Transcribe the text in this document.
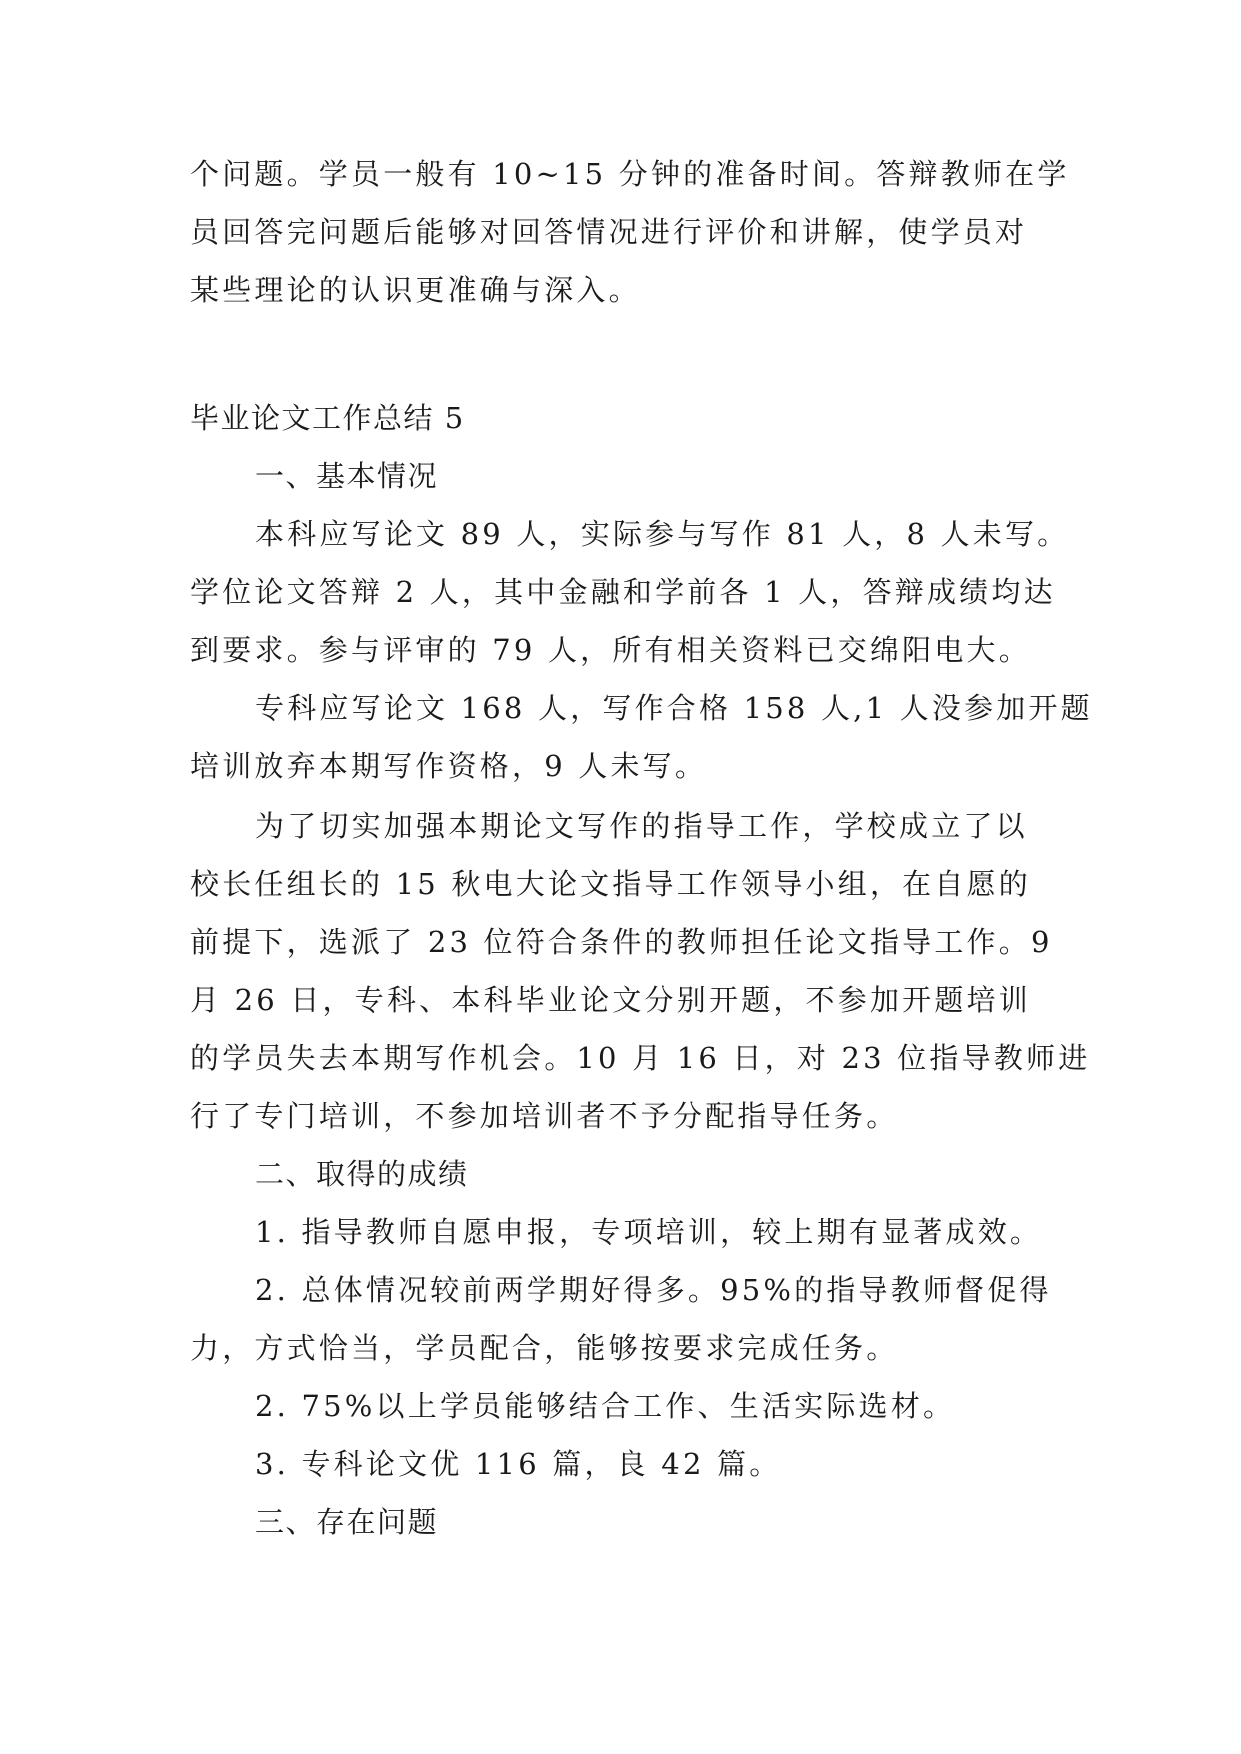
个问题。学员一般有 10~15 分钟的准备时间。答辩教师在学
员回答完问题后能够对回答情况进行评价和讲解，使学员对
某些理论的认识更准确与深入。
毕业论文工作总结 5
一、基本情况
本科应写论文 89 人，实际参与写作 81 人，8 人未写。
学位论文答辩 2 人，其中金融和学前各 1 人，答辩成绩均达
到要求。参与评审的 79 人，所有相关资料已交绵阳电大。
专科应写论文 168 人，写作合格 158 人,1 人没参加开题
培训放弃本期写作资格，9 人未写。
为了切实加强本期论文写作的指导工作，学校成立了以
校长任组长的 15 秋电大论文指导工作领导小组，在自愿的
前提下，选派了 23 位符合条件的教师担任论文指导工作。9
月 26 日，专科、本科毕业论文分别开题，不参加开题培训
的学员失去本期写作机会。10 月 16 日，对 23 位指导教师进
行了专门培训，不参加培训者不予分配指导任务。
二、取得的成绩
1. 指导教师自愿申报，专项培训，较上期有显著成效。
2. 总体情况较前两学期好得多。95%的指导教师督促得
力，方式恰当，学员配合，能够按要求完成任务。
2. 75%以上学员能够结合工作、生活实际选材。
3. 专科论文优 116 篇，良 42 篇。
三、存在问题
